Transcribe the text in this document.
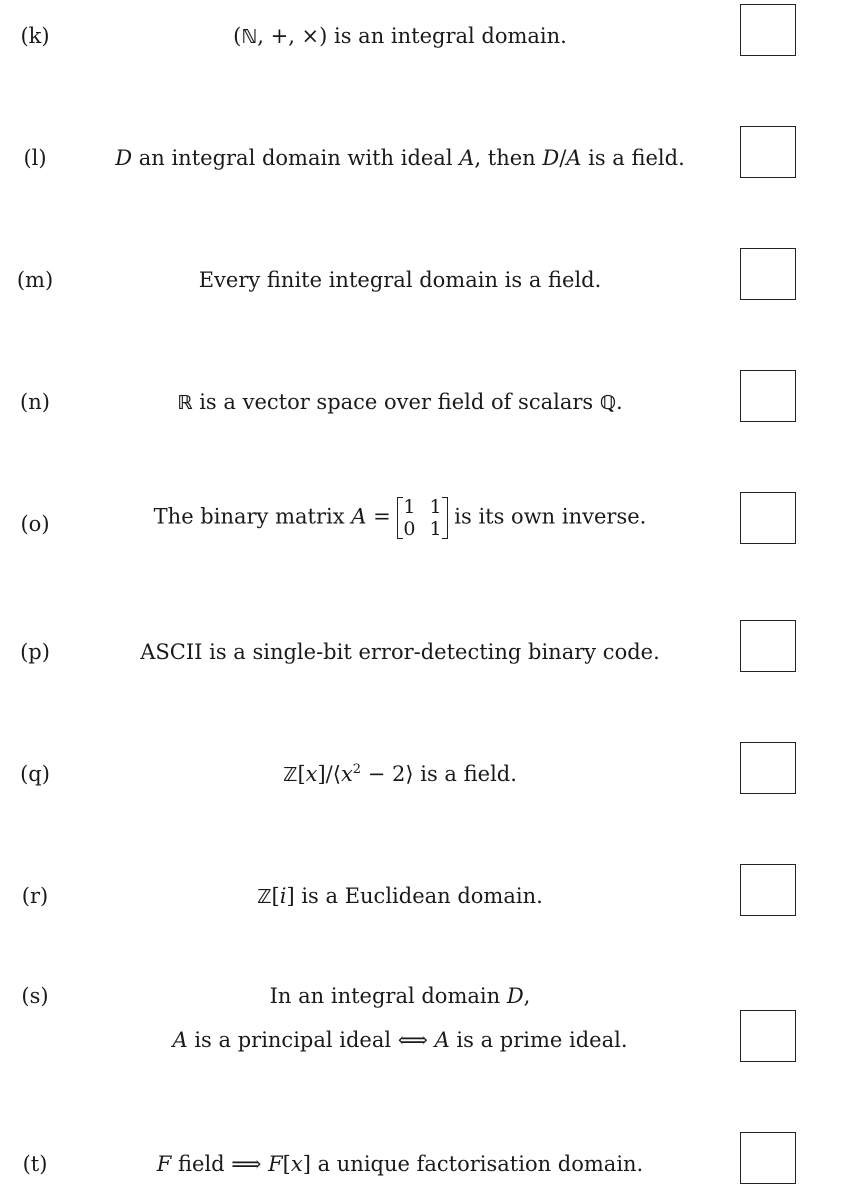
(k)	(ℕ, +, ×) is an integral domain.
(l)	D an integral domain with ideal A, then D/A is a field.
(m)	Every finite integral domain is a field.
(n)	ℝ is a vector space over field of scalars ℚ.
(o)	The binary matrix A = 1 1
0 1
is its own inverse.
(p)	ASCII is a single-bit error-detecting binary code.
(q)	$ℤ[x]/⟨x^2$ − 2⟩ is a field.
(r)	ℤ[i] is a Euclidean domain.
(s)	In an integral domain D,
A is a principal ideal ⟺ A is a prime ideal.
(t)	F field ⟹ F[x] a unique factorisation domain.
